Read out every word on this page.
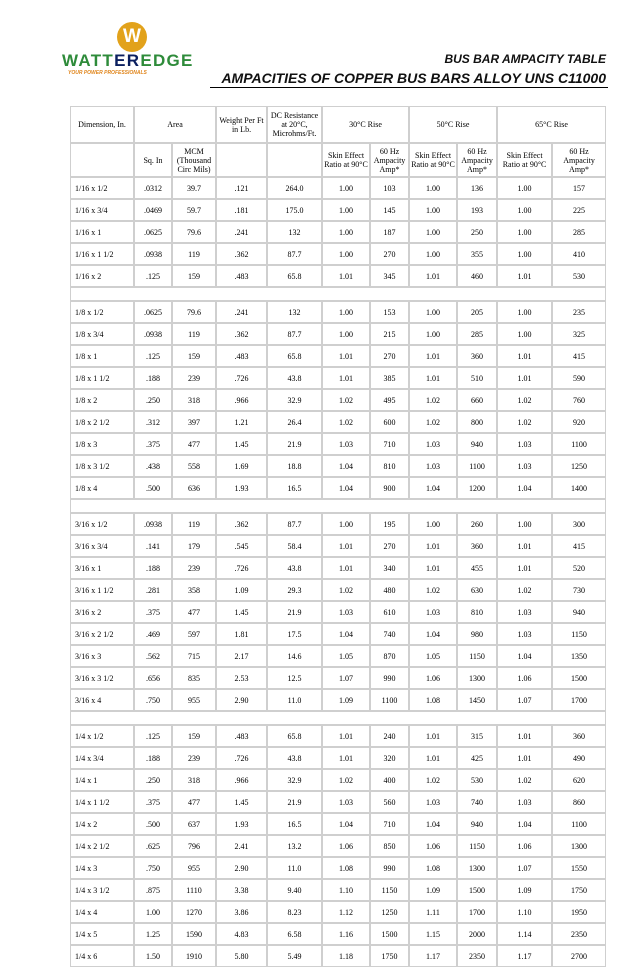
W
WATTEREDGE
YOUR POWER PROFESSIONALS
BUS BAR AMPACITY TABLE
AMPACITIES OF COPPER BUS BARS ALLOY UNS C11000
Dimension, In.	Area		Weight Per Ft in Lb.	DC Resistance at 20°C, Microhms/Ft.	30°C Rise		50°C Rise		65°C Rise	
	Sq. In	MCM (Thousand Circ Mils)			Skin Effect Ratio at 90°C	60 Hz Ampacity Amp*	Skin Effect Ratio at 90°C	60 Hz Ampacity Amp*	Skin Effect Ratio at 90°C	60 Hz Ampacity Amp*
1/16 x 1/2	.0312	39.7	.121	264.0	1.00	103	1.00	136	1.00	157
1/16 x 3/4	.0469	59.7	.181	175.0	1.00	145	1.00	193	1.00	225
1/16 x 1	.0625	79.6	.241	132	1.00	187	1.00	250	1.00	285
1/16 x 1 1/2	.0938	119	.362	87.7	1.00	270	1.00	355	1.00	410
1/16 x 2	.125	159	.483	65.8	1.01	345	1.01	460	1.01	530

1/8 x 1/2	.0625	79.6	.241	132	1.00	153	1.00	205	1.00	235
1/8 x 3/4	.0938	119	.362	87.7	1.00	215	1.00	285	1.00	325
1/8 x 1	.125	159	.483	65.8	1.01	270	1.01	360	1.01	415
1/8 x 1 1/2	.188	239	.726	43.8	1.01	385	1.01	510	1.01	590
1/8 x 2	.250	318	.966	32.9	1.02	495	1.02	660	1.02	760
1/8 x 2 1/2	.312	397	1.21	26.4	1.02	600	1.02	800	1.02	920
1/8 x 3	.375	477	1.45	21.9	1.03	710	1.03	940	1.03	1100
1/8 x 3 1/2	.438	558	1.69	18.8	1.04	810	1.03	1100	1.03	1250
1/8 x 4	.500	636	1.93	16.5	1.04	900	1.04	1200	1.04	1400

3/16 x 1/2	.0938	119	.362	87.7	1.00	195	1.00	260	1.00	300
3/16 x 3/4	.141	179	.545	58.4	1.01	270	1.01	360	1.01	415
3/16 x 1	.188	239	.726	43.8	1.01	340	1.01	455	1.01	520
3/16 x 1 1/2	.281	358	1.09	29.3	1.02	480	1.02	630	1.02	730
3/16 x 2	.375	477	1.45	21.9	1.03	610	1.03	810	1.03	940
3/16 x 2 1/2	.469	597	1.81	17.5	1.04	740	1.04	980	1.03	1150
3/16 x 3	.562	715	2.17	14.6	1.05	870	1.05	1150	1.04	1350
3/16 x 3 1/2	.656	835	2.53	12.5	1.07	990	1.06	1300	1.06	1500
3/16 x 4	.750	955	2.90	11.0	1.09	1100	1.08	1450	1.07	1700

1/4 x 1/2	.125	159	.483	65.8	1.01	240	1.01	315	1.01	360
1/4 x 3/4	.188	239	.726	43.8	1.01	320	1.01	425	1.01	490
1/4 x 1	.250	318	.966	32.9	1.02	400	1.02	530	1.02	620
1/4 x 1 1/2	.375	477	1.45	21.9	1.03	560	1.03	740	1.03	860
1/4 x 2	.500	637	1.93	16.5	1.04	710	1.04	940	1.04	1100
1/4 x 2 1/2	.625	796	2.41	13.2	1.06	850	1.06	1150	1.06	1300
1/4 x 3	.750	955	2.90	11.0	1.08	990	1.08	1300	1.07	1550
1/4 x 3 1/2	.875	1110	3.38	9.40	1.10	1150	1.09	1500	1.09	1750
1/4 x 4	1.00	1270	3.86	8.23	1.12	1250	1.11	1700	1.10	1950
1/4 x 5	1.25	1590	4.83	6.58	1.16	1500	1.15	2000	1.14	2350
1/4 x 6	1.50	1910	5.80	5.49	1.18	1750	1.17	2350	1.17	2700
